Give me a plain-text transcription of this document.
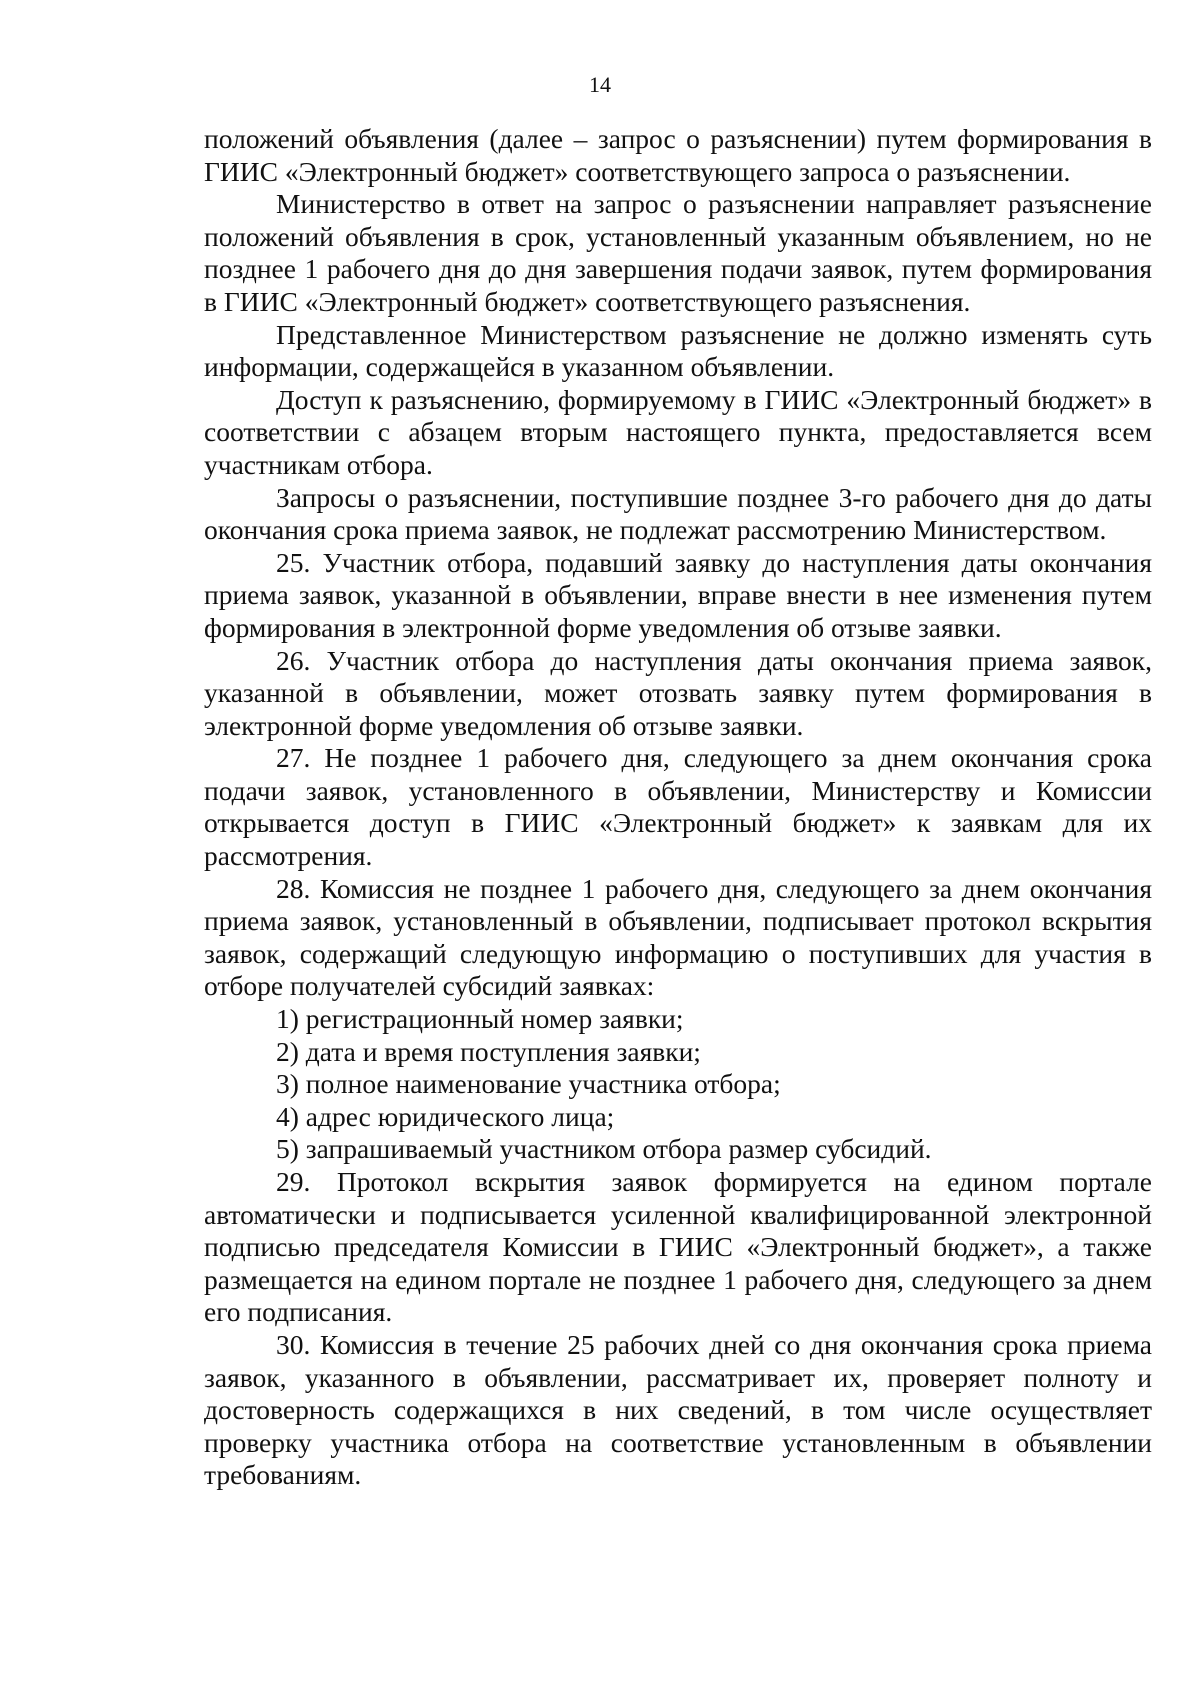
14

положений объявления (далее – запрос о разъяснении) путем формирования в ГИИС «Электронный бюджет» соответствующего запроса о разъяснении.

Министерство в ответ на запрос о разъяснении направляет разъяснение положений объявления в срок, установленный указанным объявлением, но не позднее 1 рабочего дня до дня завершения подачи заявок, путем формирования в ГИИС «Электронный бюджет» соответствующего разъяснения.

Представленное Министерством разъяснение не должно изменять суть информации, содержащейся в указанном объявлении.

Доступ к разъяснению, формируемому в ГИИС «Электронный бюджет» в соответствии с абзацем вторым настоящего пункта, предоставляется всем участникам отбора.

Запросы о разъяснении, поступившие позднее 3-го рабочего дня до даты окончания срока приема заявок, не подлежат рассмотрению Министерством.

25. Участник отбора, подавший заявку до наступления даты окончания приема заявок, указанной в объявлении, вправе внести в нее изменения путем формирования в электронной форме уведомления об отзыве заявки.

26. Участник отбора до наступления даты окончания приема заявок, указанной в объявлении, может отозвать заявку путем формирования в электронной форме уведомления об отзыве заявки.

27. Не позднее 1 рабочего дня, следующего за днем окончания срока подачи заявок, установленного в объявлении, Министерству и Комиссии открывается доступ в ГИИС «Электронный бюджет» к заявкам для их рассмотрения.

28. Комиссия не позднее 1 рабочего дня, следующего за днем окончания приема заявок, установленный в объявлении, подписывает протокол вскрытия заявок, содержащий следующую информацию о поступивших для участия в отборе получателей субсидий заявках:

1) регистрационный номер заявки;

2) дата и время поступления заявки;

3) полное наименование участника отбора;

4) адрес юридического лица;

5) запрашиваемый участником отбора размер субсидий.

29. Протокол вскрытия заявок формируется на едином портале автоматически и подписывается усиленной квалифицированной электронной подписью председателя Комиссии в ГИИС «Электронный бюджет», а также размещается на едином портале не позднее 1 рабочего дня, следующего за днем его подписания.

30. Комиссия в течение 25 рабочих дней со дня окончания срока приема заявок, указанного в объявлении, рассматривает их, проверяет полноту и достоверность содержащихся в них сведений, в том числе осуществляет проверку участника отбора на соответствие установленным в объявлении требованиям.
